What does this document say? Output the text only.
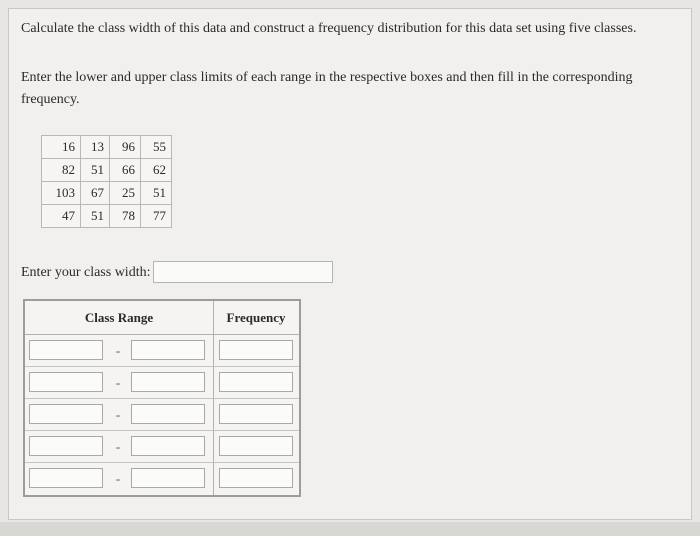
Calculate the class width of this data and construct a frequency distribution for this data set using five classes.
Enter the lower and upper class limits of each range in the respective boxes and then fill in the corresponding frequency.
16	13	96	55
82	51	66	62
103	67	25	51
47	51	78	77
Enter your class width:
Class Range	Frequency
-
-
-
-
-
